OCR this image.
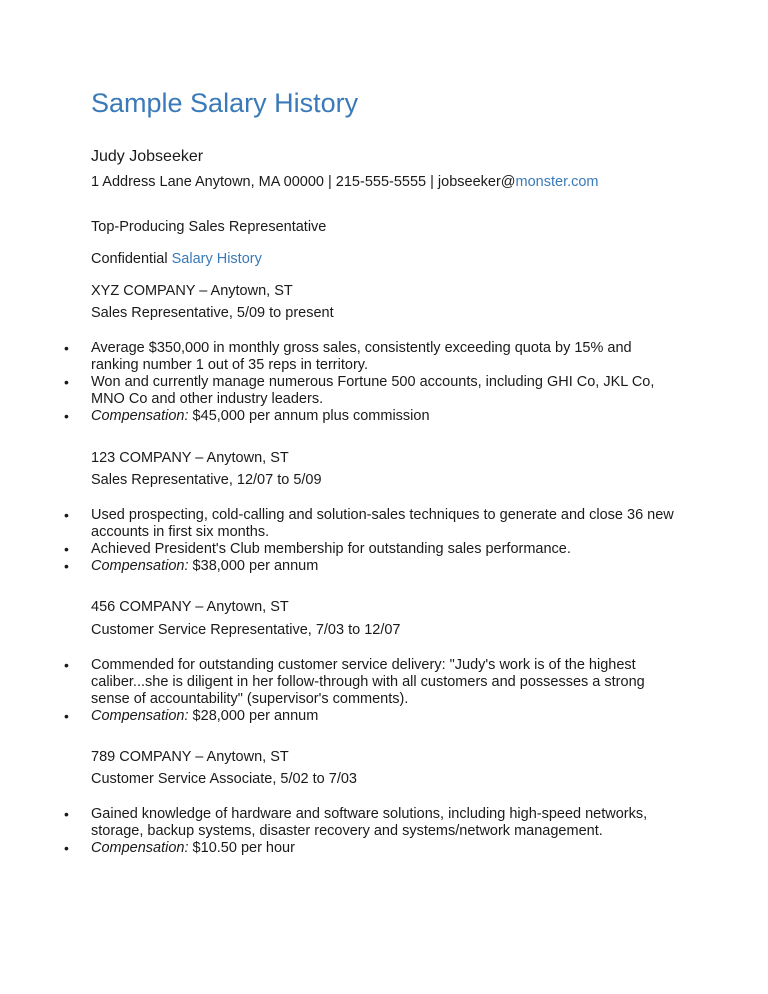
Sample Salary History

Judy Jobseeker

1 Address Lane Anytown, MA 00000 | 215-555-5555 | jobseeker@monster.com

Top-Producing Sales Representative

Confidential Salary History

XYZ COMPANY – Anytown, ST

Sales Representative, 5/09 to present

• Average $350,000 in monthly gross sales, consistently exceeding quota by 15% and ranking number 1 out of 35 reps in territory.
• Won and currently manage numerous Fortune 500 accounts, including GHI Co, JKL Co, MNO Co and other industry leaders.
• Compensation: $45,000 per annum plus commission

123 COMPANY – Anytown, ST

Sales Representative, 12/07 to 5/09

• Used prospecting, cold-calling and solution-sales techniques to generate and close 36 new accounts in first six months.
• Achieved President's Club membership for outstanding sales performance.
• Compensation: $38,000 per annum

456 COMPANY – Anytown, ST

Customer Service Representative, 7/03 to 12/07

• Commended for outstanding customer service delivery: "Judy's work is of the highest caliber...she is diligent in her follow-through with all customers and possesses a strong sense of accountability" (supervisor's comments).
• Compensation: $28,000 per annum

789 COMPANY – Anytown, ST

Customer Service Associate, 5/02 to 7/03

• Gained knowledge of hardware and software solutions, including high-speed networks, storage, backup systems, disaster recovery and systems/network management.
• Compensation: $10.50 per hour
